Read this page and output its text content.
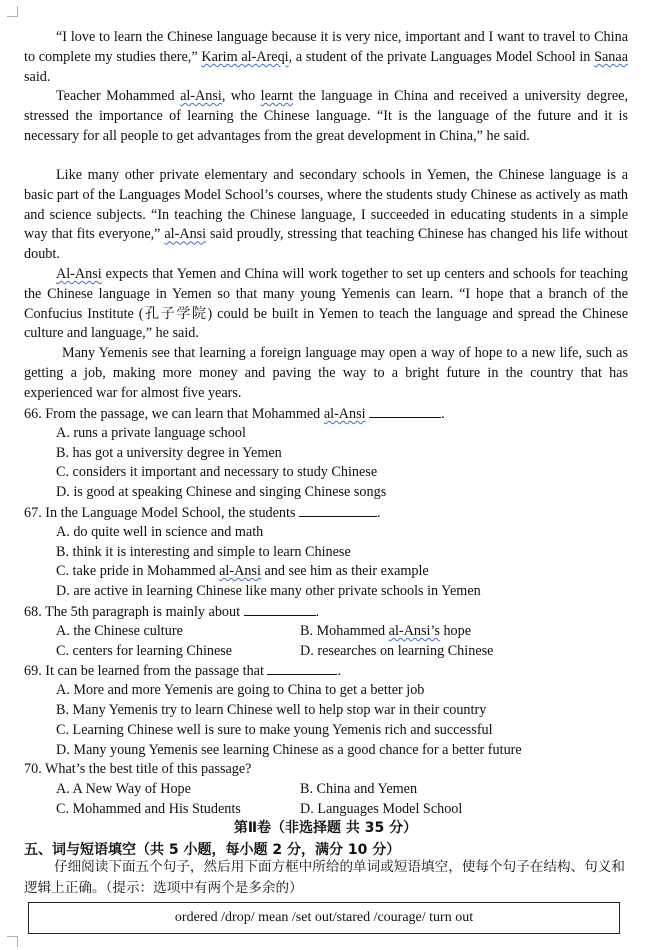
“I love to learn the Chinese language because it is very nice, important and I want to travel to China to complete my studies there,” Karim al-Areqi, a student of the private Languages Model School in Sanaa said.

Teacher Mohammed al-Ansi, who learnt the language in China and received a university degree, stressed the importance of learning the Chinese language. “It is the language of the future and it is necessary for all people to get advantages from the great development in China,” he said.

Like many other private elementary and secondary schools in Yemen, the Chinese language is a basic part of the Languages Model School’s courses, where the students study Chinese as actively as math and science subjects. “In teaching the Chinese language, I succeeded in educating students in a simple way that fits everyone,” al-Ansi said proudly, stressing that teaching Chinese has changed his life without doubt.

Al-Ansi expects that Yemen and China will work together to set up centers and schools for teaching the Chinese language in Yemen so that many young Yemenis can learn. “I hope that a branch of the Confucius Institute (孔子学院) could be built in Yemen to teach the language and spread the Chinese culture and language,” he said.

Many Yemenis see that learning a foreign language may open a way of hope to a new life, such as getting a job, making more money and paving the way to a bright future in the country that has experienced war for almost five years.

66. From the passage, we can learn that Mohammed al-Ansi	.
A. runs a private language school
B. has got a university degree in Yemen
C. considers it important and necessary to study Chinese
D. is good at speaking Chinese and singing Chinese songs
67. In the Language Model School, the students	.
A. do quite well in science and math
B. think it is interesting and simple to learn Chinese
C. take pride in Mohammed al-Ansi and see him as their example
D. are active in learning Chinese like many other private schools in Yemen
68. The 5th paragraph is mainly about	.
A. the Chinese culture	B. Mohammed al-Ansi’s hope
C. centers for learning Chinese	D. researches on learning Chinese
69. It can be learned from the passage that	.
A. More and more Yemenis are going to China to get a better job
B. Many Yemenis try to learn Chinese well to help stop war in their country
C. Learning Chinese well is sure to make young Yemenis rich and successful
D. Many young Yemenis see learning Chinese as a good chance for a better future
70. What’s the best title of this passage?
A. A New Way of Hope	B. China and Yemen
C. Mohammed and His Students	D. Languages Model School
第Ⅱ卷（非选择题 共 35 分）
五、词与短语填空（共 5 小题，每小题 2 分，满分 10 分）
仔细阅读下面五个句子，然后用下面方框中所给的单词或短语填空，使每个句子在结构、句义和逻辑上正确。（提示：选项中有两个是多余的）
ordered /drop/ mean /set out/stared /courage/ turn out
